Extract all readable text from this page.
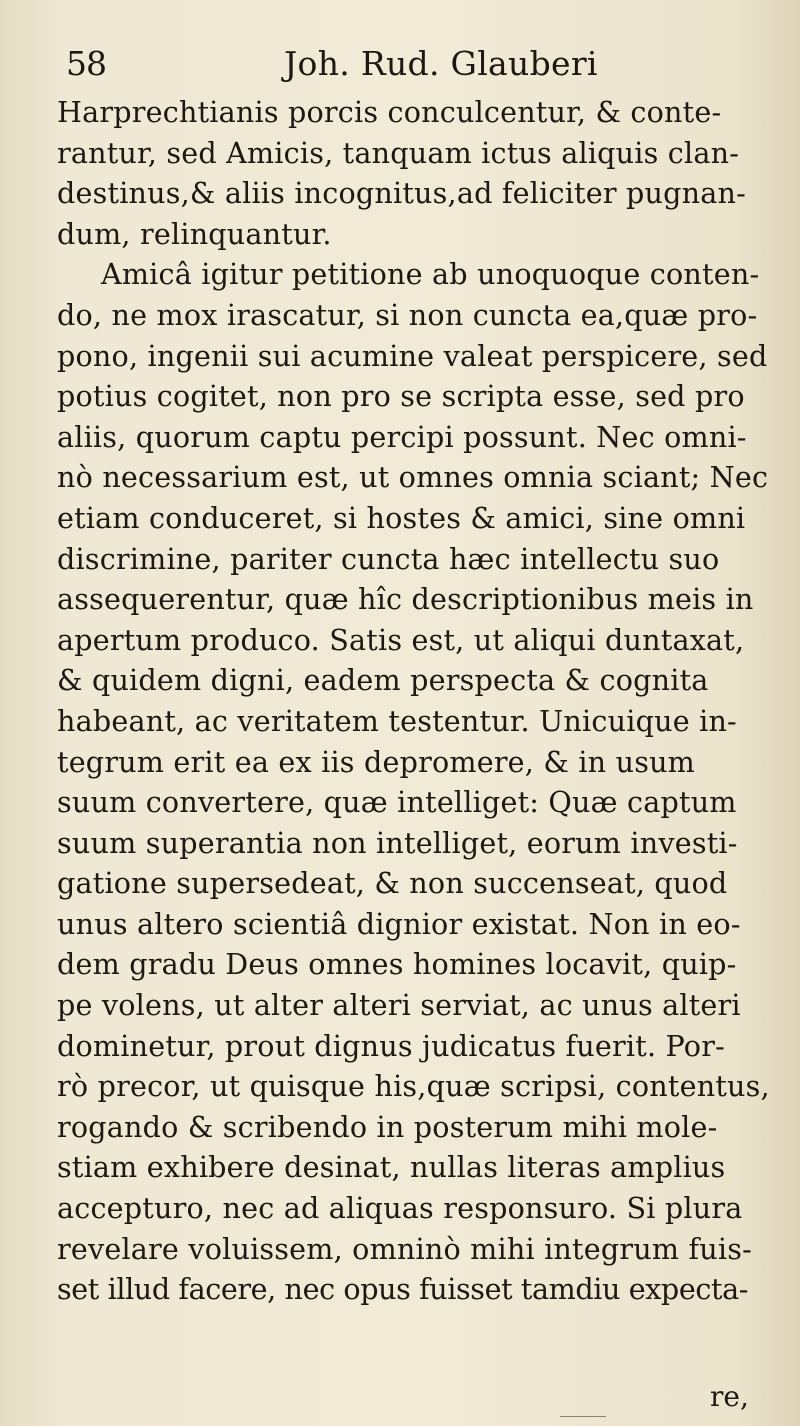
58	Joh. Rud. Glauberi
Harprechtianis porcis conculcentur, & conte-
rantur, sed Amicis, tanquam ictus aliquis clan-
destinus,& aliis incognitus,ad feliciter pugnan-
dum, relinquantur.
Amicâ igitur petitione ab unoquoque conten-
do, ne mox irascatur, si non cuncta ea,quæ pro-
pono, ingenii sui acumine valeat perspicere, sed
potius cogitet, non pro se scripta esse, sed pro
aliis, quorum captu percipi possunt. Nec omni-
nò necessarium est, ut omnes omnia sciant; Nec
etiam conduceret, si hostes & amici, sine omni
discrimine, pariter cuncta hæc intellectu suo
assequerentur, quæ hîc descriptionibus meis in
apertum produco. Satis est, ut aliqui duntaxat,
& quidem digni, eadem perspecta & cognita
habeant, ac veritatem testentur. Unicuique in-
tegrum erit ea ex iis depromere, & in usum
suum convertere, quæ intelliget: Quæ captum
suum superantia non intelliget, eorum investi-
gatione supersedeat, & non succenseat, quod
unus altero scientiâ dignior existat. Non in eo-
dem gradu Deus omnes homines locavit, quip-
pe volens, ut alter alteri serviat, ac unus alteri
dominetur, prout dignus judicatus fuerit. Por-
rò precor, ut quisque his,quæ scripsi, contentus,
rogando & scribendo in posterum mihi mole-
stiam exhibere desinat, nullas literas amplius
accepturo, nec ad aliquas responsuro. Si plura
revelare voluissem, omninò mihi integrum fuis-
set illud facere, nec opus fuisset tamdiu expecta-
re,
